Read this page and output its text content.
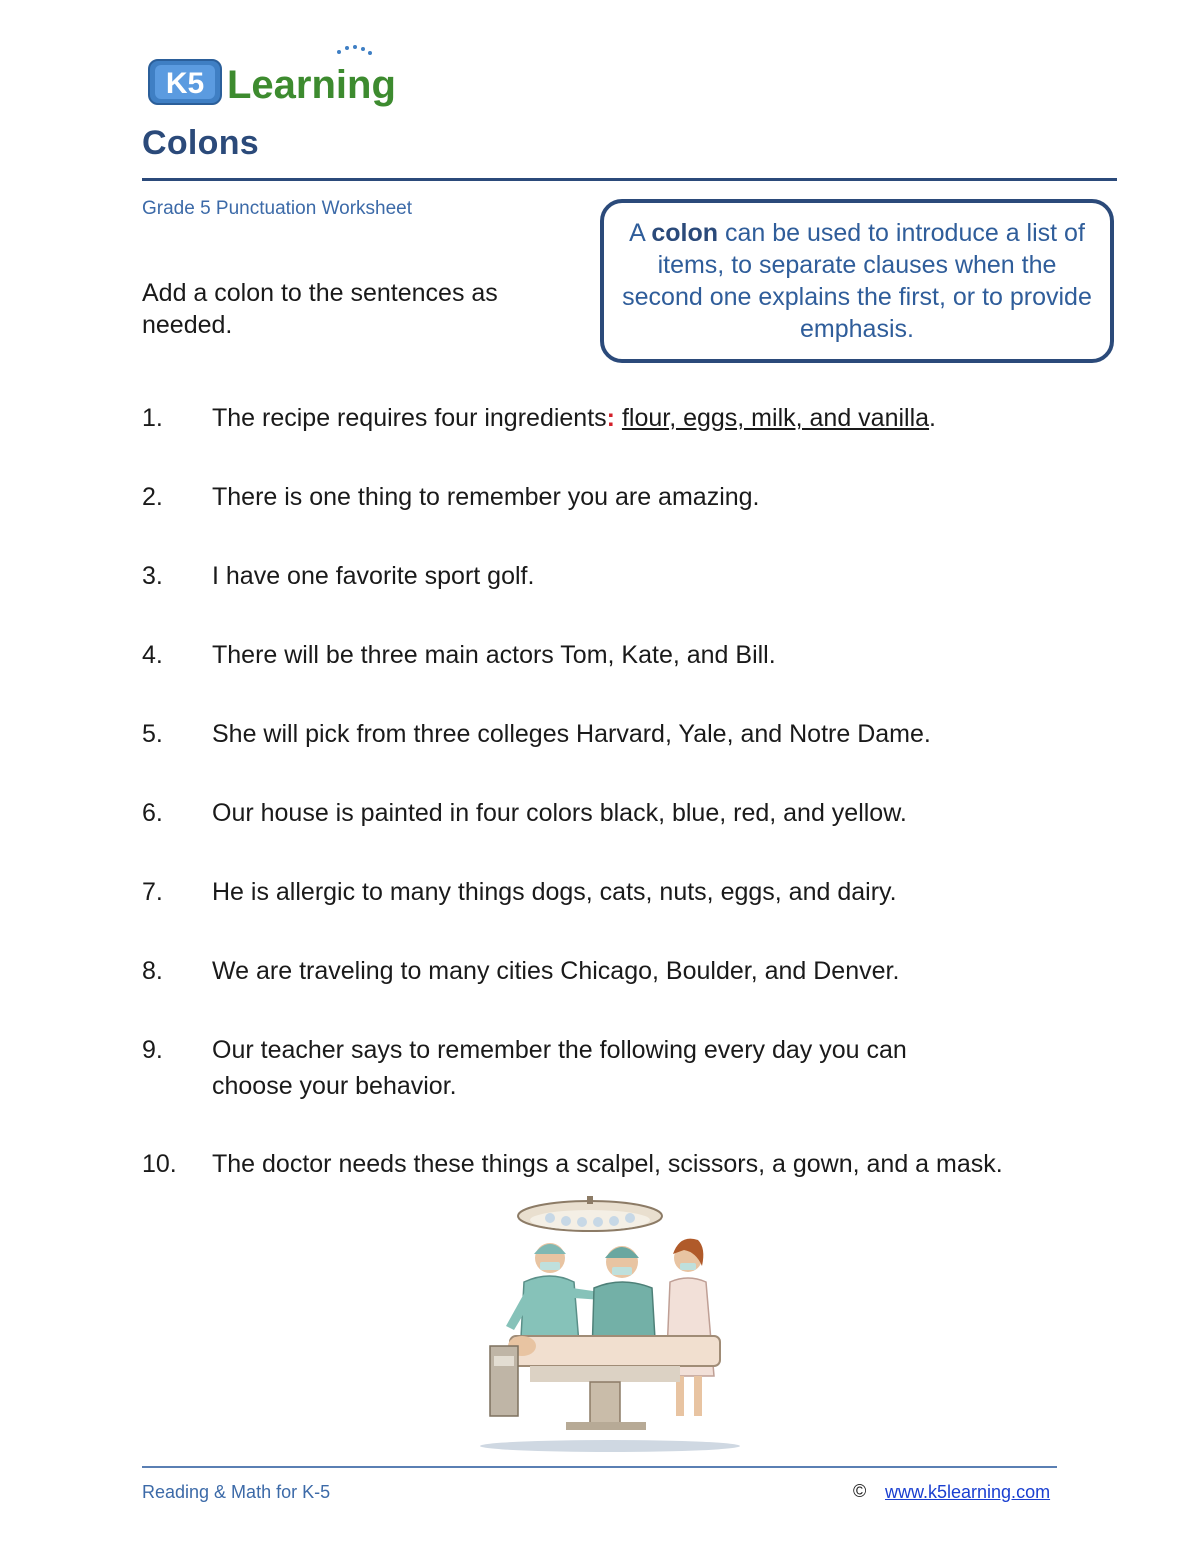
K5 Learning
Colons
Grade 5 Punctuation Worksheet
Add a colon to the sentences as needed.
A colon can be used to introduce a list of items, to separate clauses when the second one explains the first, or to provide emphasis.
1.	The recipe requires four ingredients: flour, eggs, milk, and vanilla.
2.	There is one thing to remember you are amazing.
3.	I have one favorite sport golf.
4.	There will be three main actors Tom, Kate, and Bill.
5.	She will pick from three colleges Harvard, Yale, and Notre Dame.
6.	Our house is painted in four colors black, blue, red, and yellow.
7.	He is allergic to many things dogs, cats, nuts, eggs, and dairy.
8.	We are traveling to many cities Chicago, Boulder, and Denver.
9.	Our teacher says to remember the following every day you can choose your behavior.
10.	The doctor needs these things a scalpel, scissors, a gown, and a mask.
Reading & Math for K-5	© www.k5learning.com
